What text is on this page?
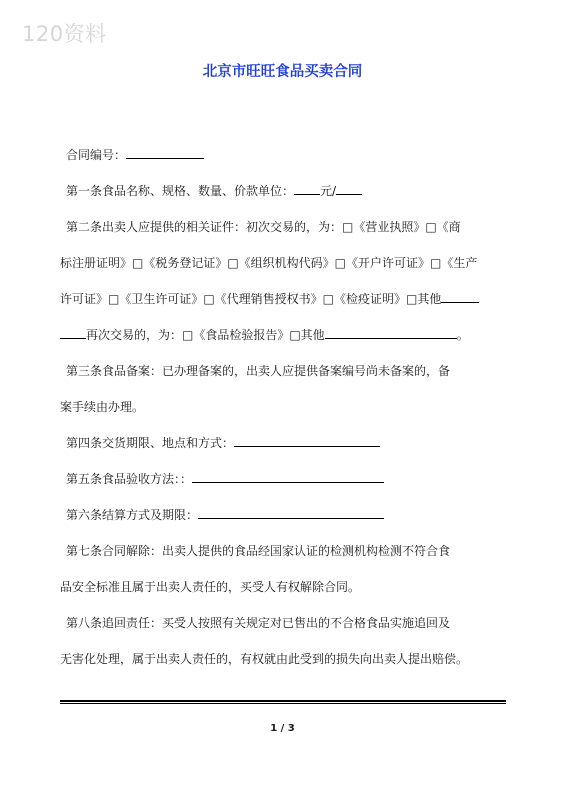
120资料
北京市旺旺食品买卖合同
合同编号：
第一条食品名称、规格、数量、价款单位： 元/
第二条出卖人应提供的相关证件：初次交易的，为：□《营业执照》□《商
标注册证明》□《税务登记证》□《组织机构代码》□《开户许可证》□《生产
许可证》□《卫生许可证》□《代理销售授权书》□《检疫证明》□其他
再次交易的，为：□《食品检验报告》□其他	。
第三条食品备案：已办理备案的，出卖人应提供备案编号尚未备案的，备
案手续由办理。
第四条交货期限、地点和方式：
第五条食品验收方法：：
第六条结算方式及期限：
第七条合同解除：出卖人提供的食品经国家认证的检测机构检测不符合食
品安全标准且属于出卖人责任的，买受人有权解除合同。
第八条追回责任：买受人按照有关规定对已售出的不合格食品实施追回及
无害化处理，属于出卖人责任的，有权就由此受到的损失向出卖人提出赔偿。
1 / 3
